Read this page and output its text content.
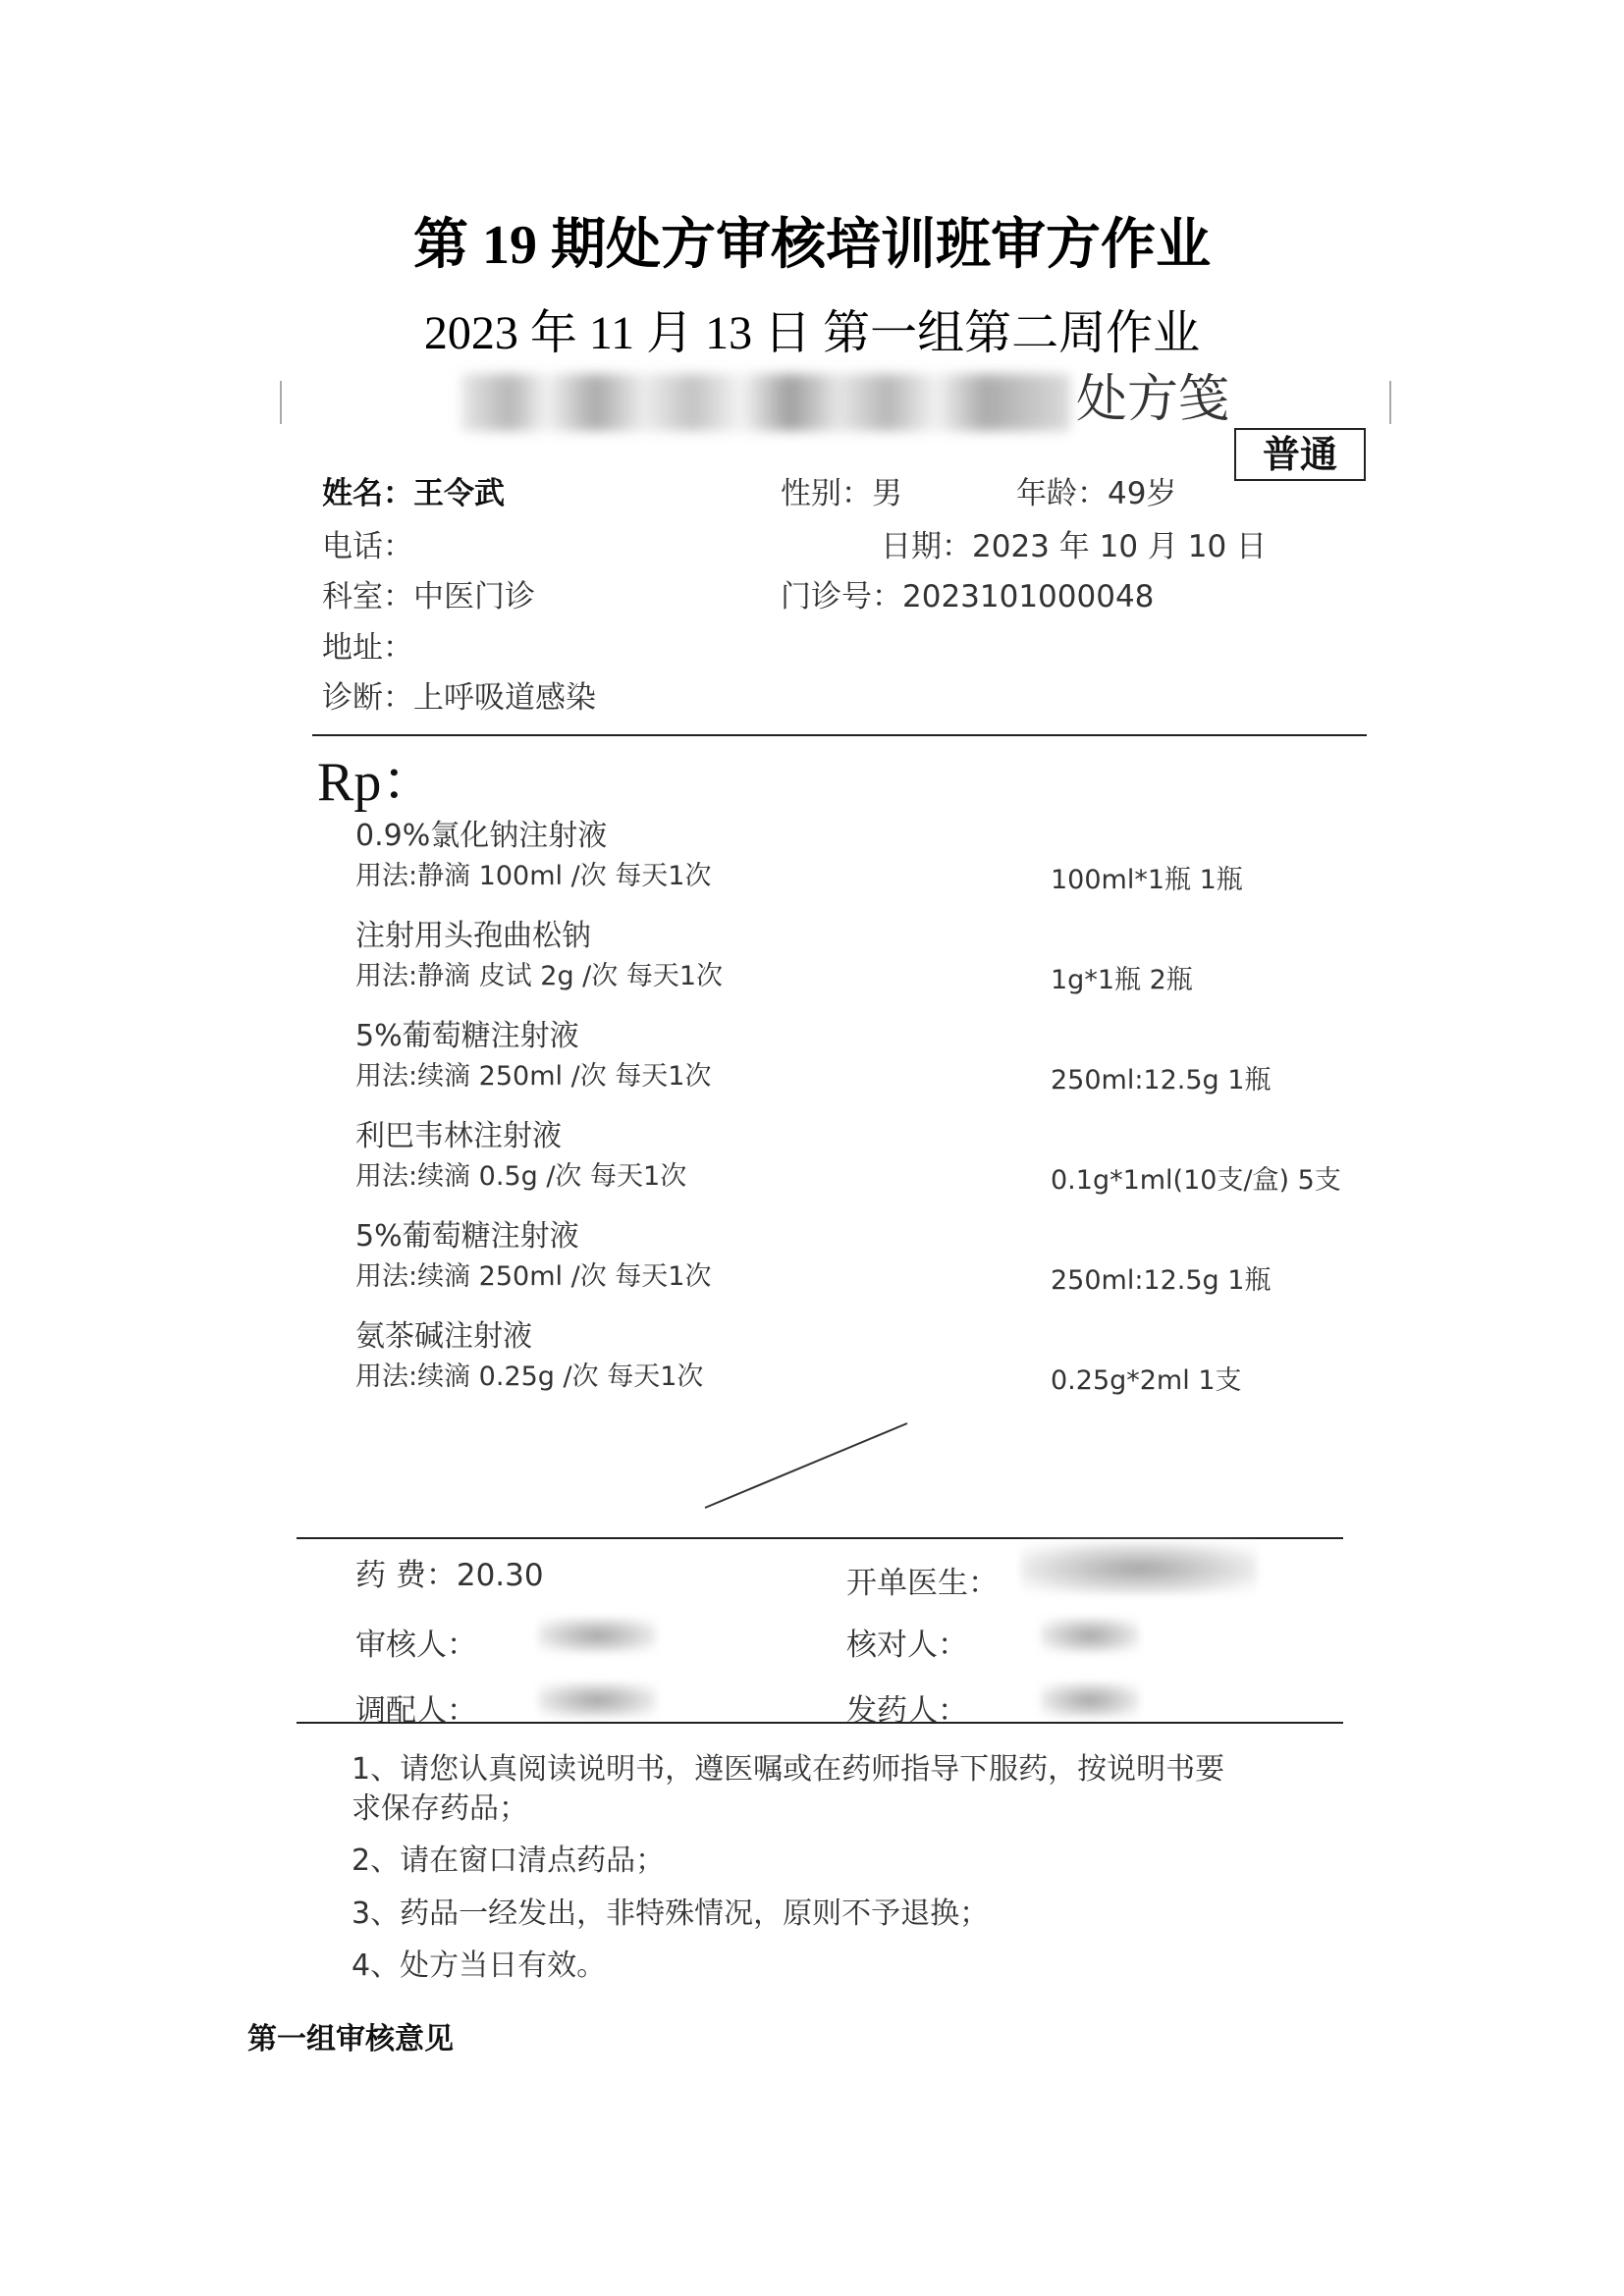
第 19 期处方审核培训班审方作业
2023 年 11 月 13 日 第一组第二周作业
处方笺
普通
姓名：王令武	性别：男	年龄：49岁
电话：	日期：2023 年 10 月 10 日
科室：中医门诊	门诊号：2023101000048
地址：
诊断：上呼吸道感染
Rp：
0.9%氯化钠注射液
用法:静滴 100ml /次 每天1次	100ml*1瓶 1瓶
注射用头孢曲松钠
用法:静滴 皮试 2g /次 每天1次	1g*1瓶 2瓶
5%葡萄糖注射液
用法:续滴 250ml /次 每天1次	250ml:12.5g 1瓶
利巴韦林注射液
用法:续滴 0.5g /次 每天1次	0.1g*1ml(10支/盒) 5支
5%葡萄糖注射液
用法:续滴 250ml /次 每天1次	250ml:12.5g 1瓶
氨茶碱注射液
用法:续滴 0.25g /次 每天1次	0.25g*2ml 1支
药 费：20.30	开单医生：
审核人：	核对人：
调配人：	发药人：
1、请您认真阅读说明书，遵医嘱或在药师指导下服药，按说明书要
求保存药品；
2、请在窗口清点药品；
3、药品一经发出，非特殊情况，原则不予退换；
4、处方当日有效。
第一组审核意见
